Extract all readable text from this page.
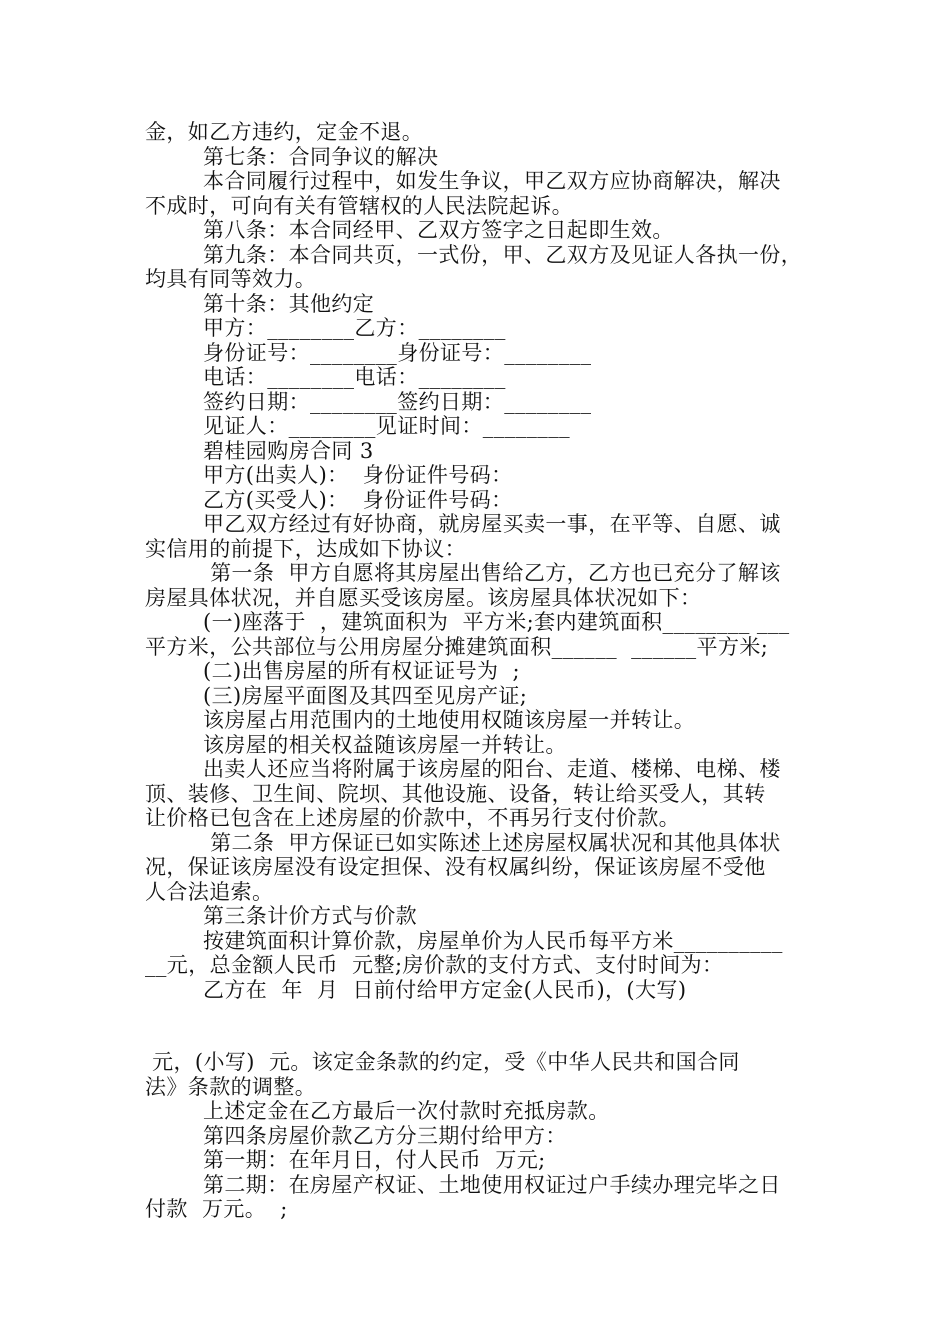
金，如乙方违约，定金不退。
第七条：合同争议的解决
本合同履行过程中，如发生争议，甲乙双方应协商解决，解决
不成时，可向有关有管辖权的人民法院起诉。
第八条：本合同经甲、乙双方签字之日起即生效。
第九条：本合同共页，一式份，甲、乙双方及见证人各执一份，
均具有同等效力。
第十条：其他约定
甲方：________乙方：________
身份证号：________身份证号：________
电话：________电话：________
签约日期：________签约日期：________
见证人：________见证时间：________
碧桂园购房合同 3
甲方(出卖人)：  身份证件号码：
乙方(买受人)：  身份证件号码：
甲乙双方经过有好协商，就房屋买卖一事，在平等、自愿、诚
实信用的前提下，达成如下协议：
第一条  甲方自愿将其房屋出售给乙方，乙方也已充分了解该
房屋具体状况，并自愿买受该房屋。该房屋具体状况如下：
(一)座落于  ，建筑面积为  平方米;套内建筑面积________ ___
平方米，公共部位与公用房屋分摊建筑面积______  ______平方米;
(二)出售房屋的所有权证证号为  ;
(三)房屋平面图及其四至见房产证;
该房屋占用范围内的土地使用权随该房屋一并转让。
该房屋的相关权益随该房屋一并转让。
出卖人还应当将附属于该房屋的阳台、走道、楼梯、电梯、楼
顶、装修、卫生间、院坝、其他设施、设备，转让给买受人，其转
让价格已包含在上述房屋的价款中，不再另行支付价款。
第二条  甲方保证已如实陈述上述房屋权属状况和其他具体状
况，保证该房屋没有设定担保、没有权属纠纷，保证该房屋不受他
人合法追索。
第三条计价方式与价款
按建筑面积计算价款，房屋单价为人民币每平方米__________
__元，总金额人民币  元整;房价款的支付方式、支付时间为：
乙方在  年  月  日前付给甲方定金(人民币)，(大写)
元，(小写)  元。该定金条款的约定，受《中华人民共和国合同
法》条款的调整。
上述定金在乙方最后一次付款时充抵房款。
第四条房屋价款乙方分三期付给甲方：
第一期：在年月日，付人民币  万元;
第二期：在房屋产权证、土地使用权证过户手续办理完毕之日
付款  万元。  ;
